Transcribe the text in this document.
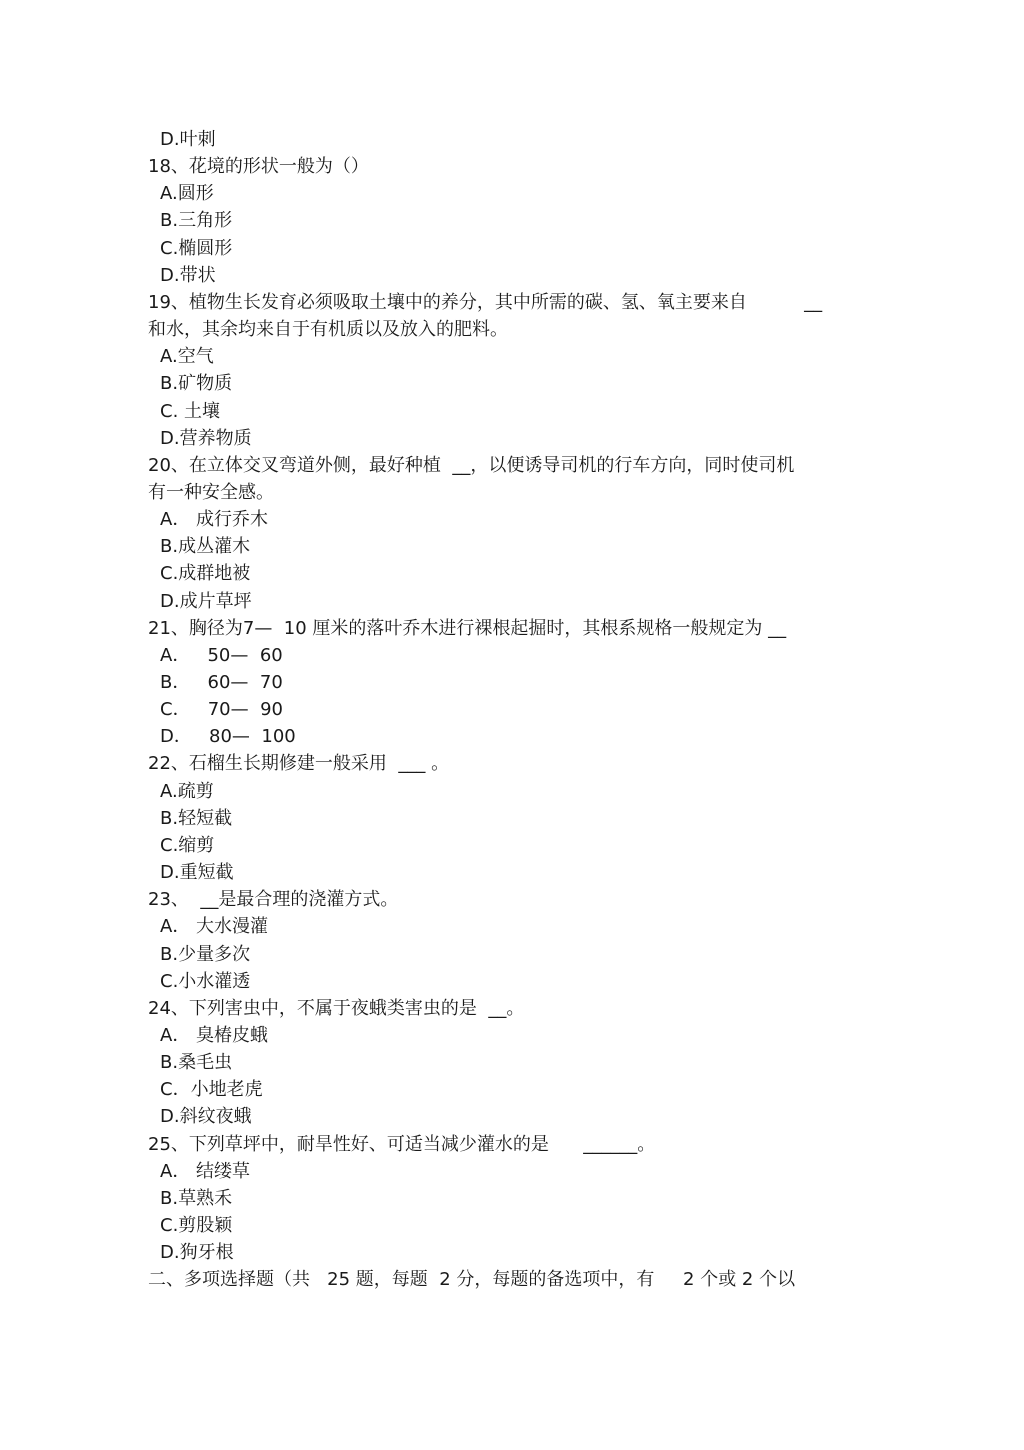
D.叶刺
18、花境的形状一般为（）
A.圆形
B.三角形
C.椭圆形
D.带状
19、植物生长发育必须吸取土壤中的养分，其中所需的碳、氢、氧主要来自          __
和水，其余均来自于有机质以及放入的肥料。
A.空气
B.矿物质
C. 土壤
D.营养物质
20、在立体交叉弯道外侧，最好种植  __，以便诱导司机的行车方向，同时使司机
有一种安全感。
A． 成行乔木
B.成丛灌木
C.成群地被
D.成片草坪
21、胸径为7—  10 厘米的落叶乔木进行裸根起掘时，其根系规格一般规定为 __
A．   50—  60
B．   60—  70
C．   70—  90
D．   80—  100
22、石榴生长期修建一般采用  ___ 。
A.疏剪
B.轻短截
C.缩剪
D.重短截
23、  __是最合理的浇灌方式。
A． 大水漫灌
B.少量多次
C.小水灌透
24、下列害虫中，不属于夜蛾类害虫的是  __。
A． 臭椿皮蛾
B.桑毛虫
C．小地老虎
D.斜纹夜蛾
25、下列草坪中，耐旱性好、可适当减少灌水的是      ______。
A． 结缕草
B.草熟禾
C.剪股颖
D.狗牙根
二、多项选择题（共   25 题，每题  2 分，每题的备选项中，有     2 个或 2 个以
